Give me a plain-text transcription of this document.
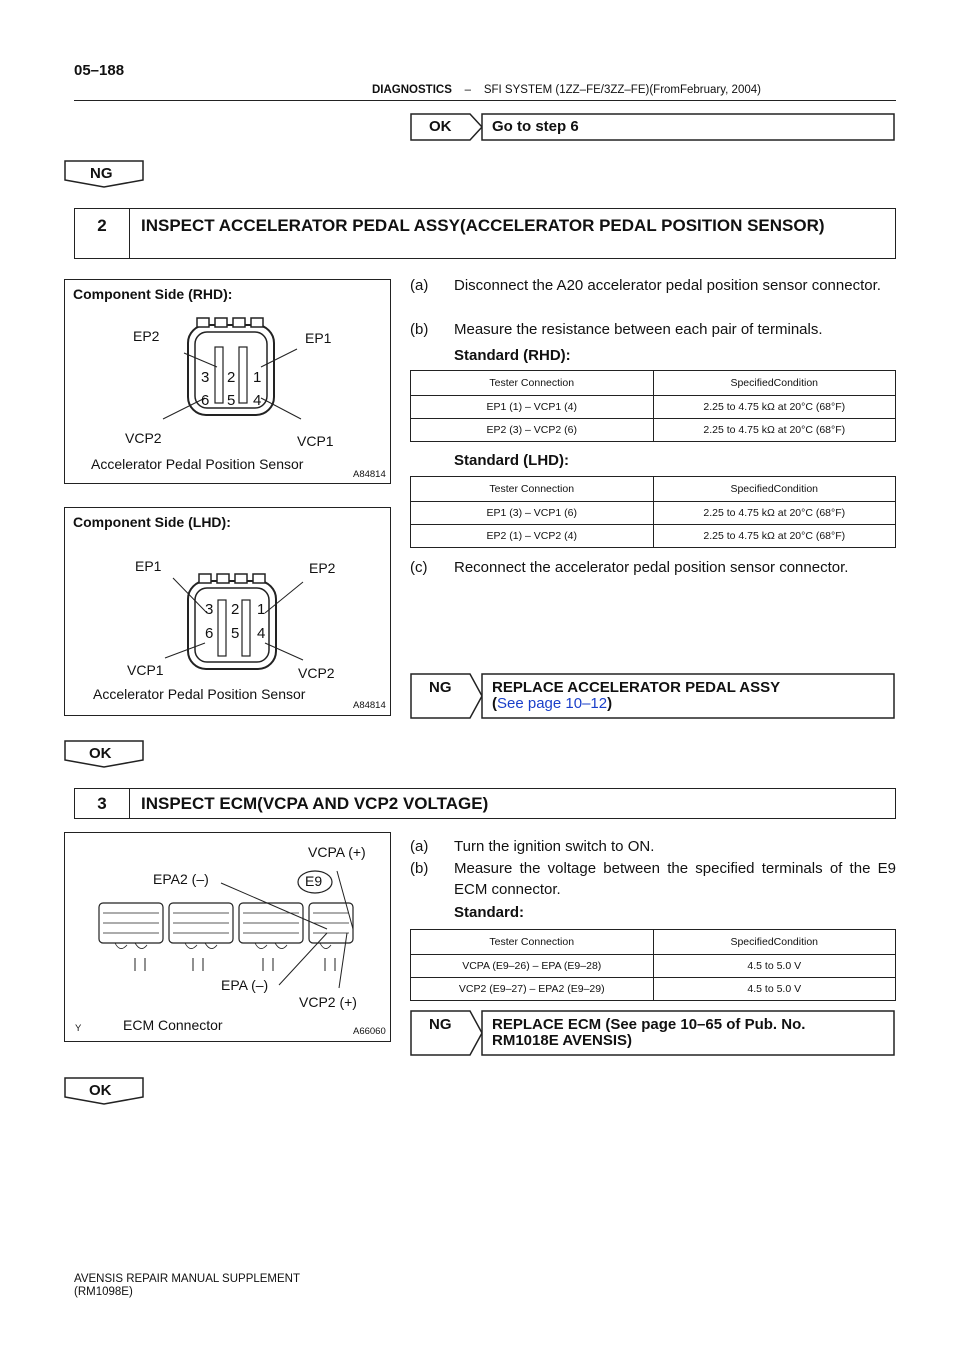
05–188
DIAGNOSTICS – SFI SYSTEM (1ZZ–FE/3ZZ–FE)(FromFebruary, 2004)
OK	Go to step 6
NG
2	INSPECT ACCELERATOR PEDAL ASSY(ACCELERATOR PEDAL POSITION SENSOR)
Component Side (RHD):
3 2 1
6 5 4
EP2	EP1
VCP2	VCP1
Accelerator Pedal Position Sensor
A84814
Component Side (LHD):
3 2 1
6 5 4
EP1	EP2
VCP1	VCP2
Accelerator Pedal Position Sensor
A84814
(a) Disconnect the A20 accelerator pedal position sensor connector.
(b) Measure the resistance between each pair of terminals.
Standard (RHD):
Tester Connection	SpecifiedCondition
EP1 (1) – VCP1 (4)	2.25 to 4.75 kΩ at 20°C (68°F)
EP2 (3) – VCP2 (6)	2.25 to 4.75 kΩ at 20°C (68°F)
Standard (LHD):
Tester Connection	SpecifiedCondition
EP1 (3) – VCP1 (6)	2.25 to 4.75 kΩ at 20°C (68°F)
EP2 (1) – VCP2 (4)	2.25 to 4.75 kΩ at 20°C (68°F)
(c) Reconnect the accelerator pedal position sensor connector.
NG	REPLACE ACCELERATOR PEDAL ASSY
(See page 10–12)
OK
3	INSPECT ECM(VCPA AND VCP2 VOLTAGE)
VCPA (+)
EPA2 (–)	E9
EPA (–)
VCP2 (+)
ECM Connector
Y	A66060
(a) Turn the ignition switch to ON.
(b) Measure the voltage between the specified terminals of the E9 ECM connector.
Standard:
Tester Connection	SpecifiedCondition
VCPA (E9–26) – EPA (E9–28)	4.5 to 5.0 V
VCP2 (E9–27) – EPA2 (E9–29)	4.5 to 5.0 V
NG	REPLACE ECM (See page 10–65 of Pub. No.
RM1018E AVENSIS)
OK
AVENSIS REPAIR MANUAL SUPPLEMENT
(RM1098E)
